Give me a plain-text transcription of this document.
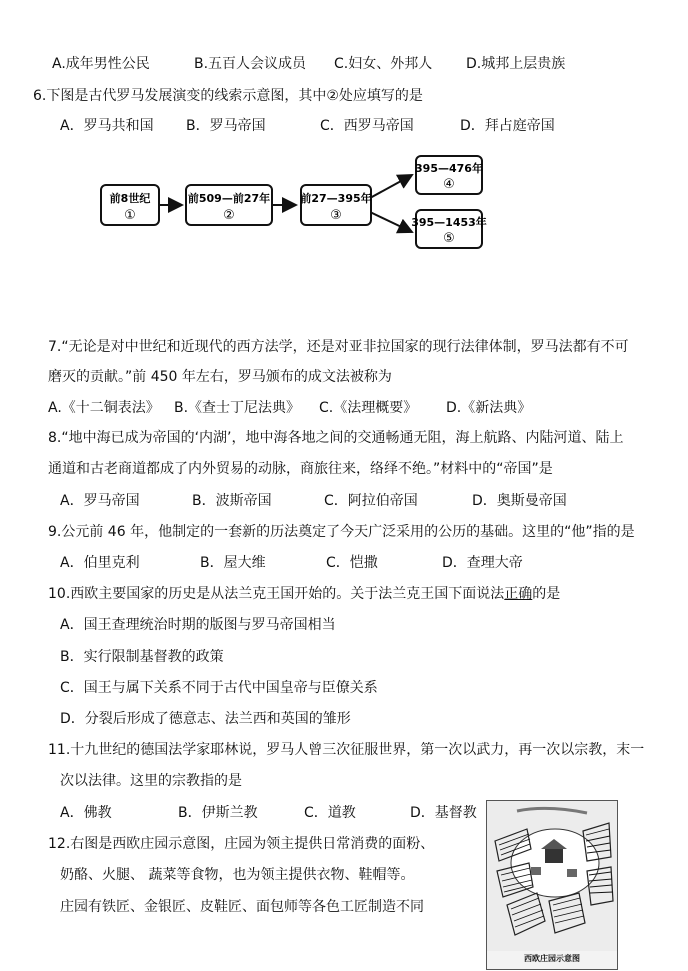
A.成年男性公民	B.五百人会议成员 C.妇女、外邦人 D.城邦上层贵族
6.下图是古代罗马发展演变的线索示意图，其中②处应填写的是
A．罗马共和国 B．罗马帝国	C．西罗马帝国	D．拜占庭帝国
前8世纪
①
前509—前27年
②
前27—395年
③
395—476年
④
395—1453年
⑤
7.“无论是对中世纪和近现代的西方法学，还是对亚非拉国家的现行法律体制，罗马法都有不可
磨灭的贡献。”前 450 年左右，罗马颁布的成文法被称为
A.《十二铜表法》 B.《查士丁尼法典》 C.《法理概要》 D.《新法典》
8.“地中海已成为帝国的‘内湖’，地中海各地之间的交通畅通无阻，海上航路、内陆河道、陆上
通道和古老商道都成了内外贸易的动脉，商旅往来，络绎不绝。”材料中的“帝国”是
A．罗马帝国	B．波斯帝国	C．阿拉伯帝国	D．奥斯曼帝国
9.公元前 46 年，他制定的一套新的历法奠定了今天广泛采用的公历的基础。这里的“他”指的是
A．伯里克利	B．屋大维	C．恺撒	D．查理大帝
10.西欧主要国家的历史是从法兰克王国开始的。关于法兰克王国下面说法正确的是
A．国王查理统治时期的版图与罗马帝国相当
B．实行限制基督教的政策
C．国王与属下关系不同于古代中国皇帝与臣僚关系
D．分裂后形成了德意志、法兰西和英国的雏形
11.十九世纪的德国法学家耶林说，罗马人曾三次征服世界，第一次以武力，再一次以宗教，末一
次以法律。这里的宗教指的是
A．佛教	B．伊斯兰教	C．道教	D．基督教
12.右图是西欧庄园示意图，庄园为领主提供日常消费的面粉、
奶酪、火腿、 蔬菜等食物，也为领主提供衣物、鞋帽等。
庄园有铁匠、金银匠、皮鞋匠、面包师等各色工匠制造不同
西欧庄园示意图
